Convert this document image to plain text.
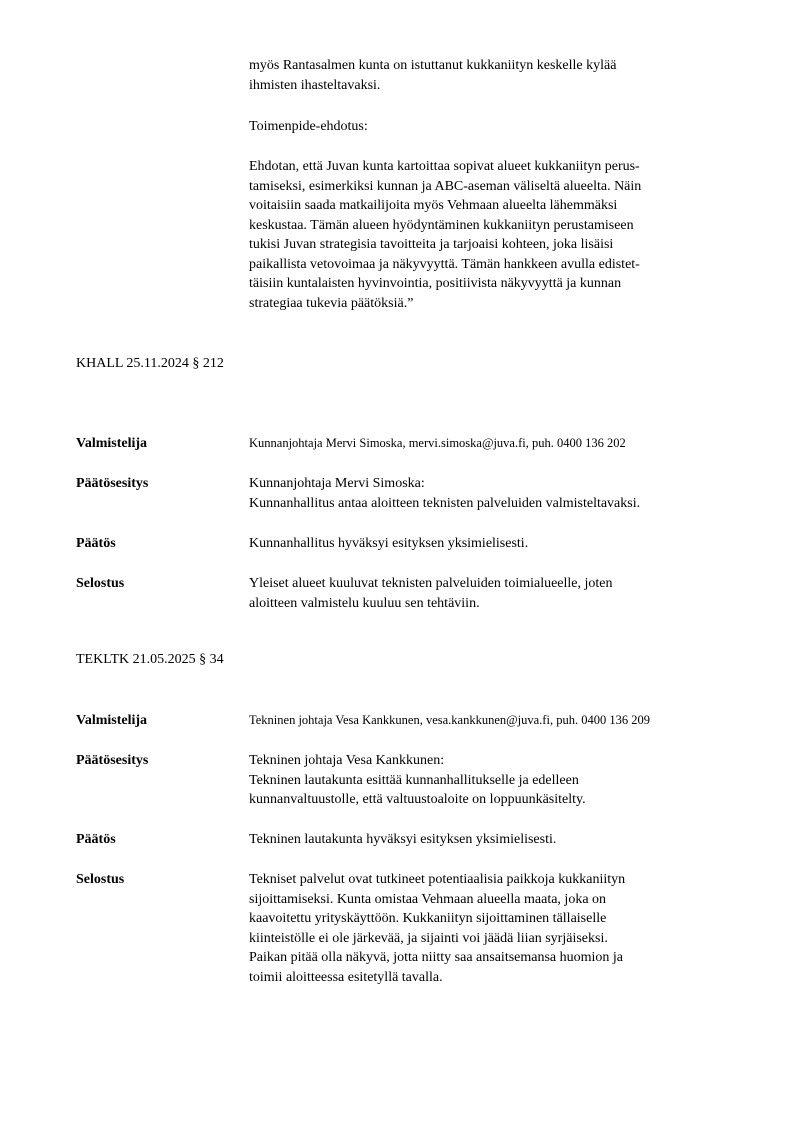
myös Rantasalmen kunta on istuttanut kukkaniityn keskelle kylää
ihmisten ihasteltavaksi.
Toimenpide-ehdotus:
Ehdotan, että Juvan kunta kartoittaa sopivat alueet kukkaniityn perus-
tamiseksi, esimerkiksi kunnan ja ABC-aseman väliseltä alueelta. Näin
voitaisiin saada matkailijoita myös Vehmaan alueelta lähemmäksi
keskustaa. Tämän alueen hyödyntäminen kukkaniityn perustamiseen
tukisi Juvan strategisia tavoitteita ja tarjoaisi kohteen, joka lisäisi
paikallista vetovoimaa ja näkyvyyttä. Tämän hankkeen avulla edistet-
täisiin kuntalaisten hyvinvointia, positiivista näkyvyyttä ja kunnan
strategiaa tukevia päätöksiä.”
KHALL 25.11.2024 § 212
Valmistelija	Kunnanjohtaja Mervi Simoska, mervi.simoska@juva.fi, puh. 0400 136 202
Päätösesitys	Kunnanjohtaja Mervi Simoska:
Kunnanhallitus antaa aloitteen teknisten palveluiden valmisteltavaksi.
Päätös	Kunnanhallitus hyväksyi esityksen yksimielisesti.
Selostus	Yleiset alueet kuuluvat teknisten palveluiden toimialueelle, joten
aloitteen valmistelu kuuluu sen tehtäviin.
TEKLTK 21.05.2025 § 34
Valmistelija	Tekninen johtaja Vesa Kankkunen, vesa.kankkunen@juva.fi, puh. 0400 136 209
Päätösesitys	Tekninen johtaja Vesa Kankkunen:
Tekninen lautakunta esittää kunnanhallitukselle ja edelleen
kunnanvaltuustolle, että valtuustoaloite on loppuunkäsitelty.
Päätös	Tekninen lautakunta hyväksyi esityksen yksimielisesti.
Selostus	Tekniset palvelut ovat tutkineet potentiaalisia paikkoja kukkaniityn
sijoittamiseksi. Kunta omistaa Vehmaan alueella maata, joka on
kaavoitettu yrityskäyttöön. Kukkaniityn sijoittaminen tällaiselle
kiinteistölle ei ole järkevää, ja sijainti voi jäädä liian syrjäiseksi.
Paikan pitää olla näkyvä, jotta niitty saa ansaitsemansa huomion ja
toimii aloitteessa esitetyllä tavalla.
